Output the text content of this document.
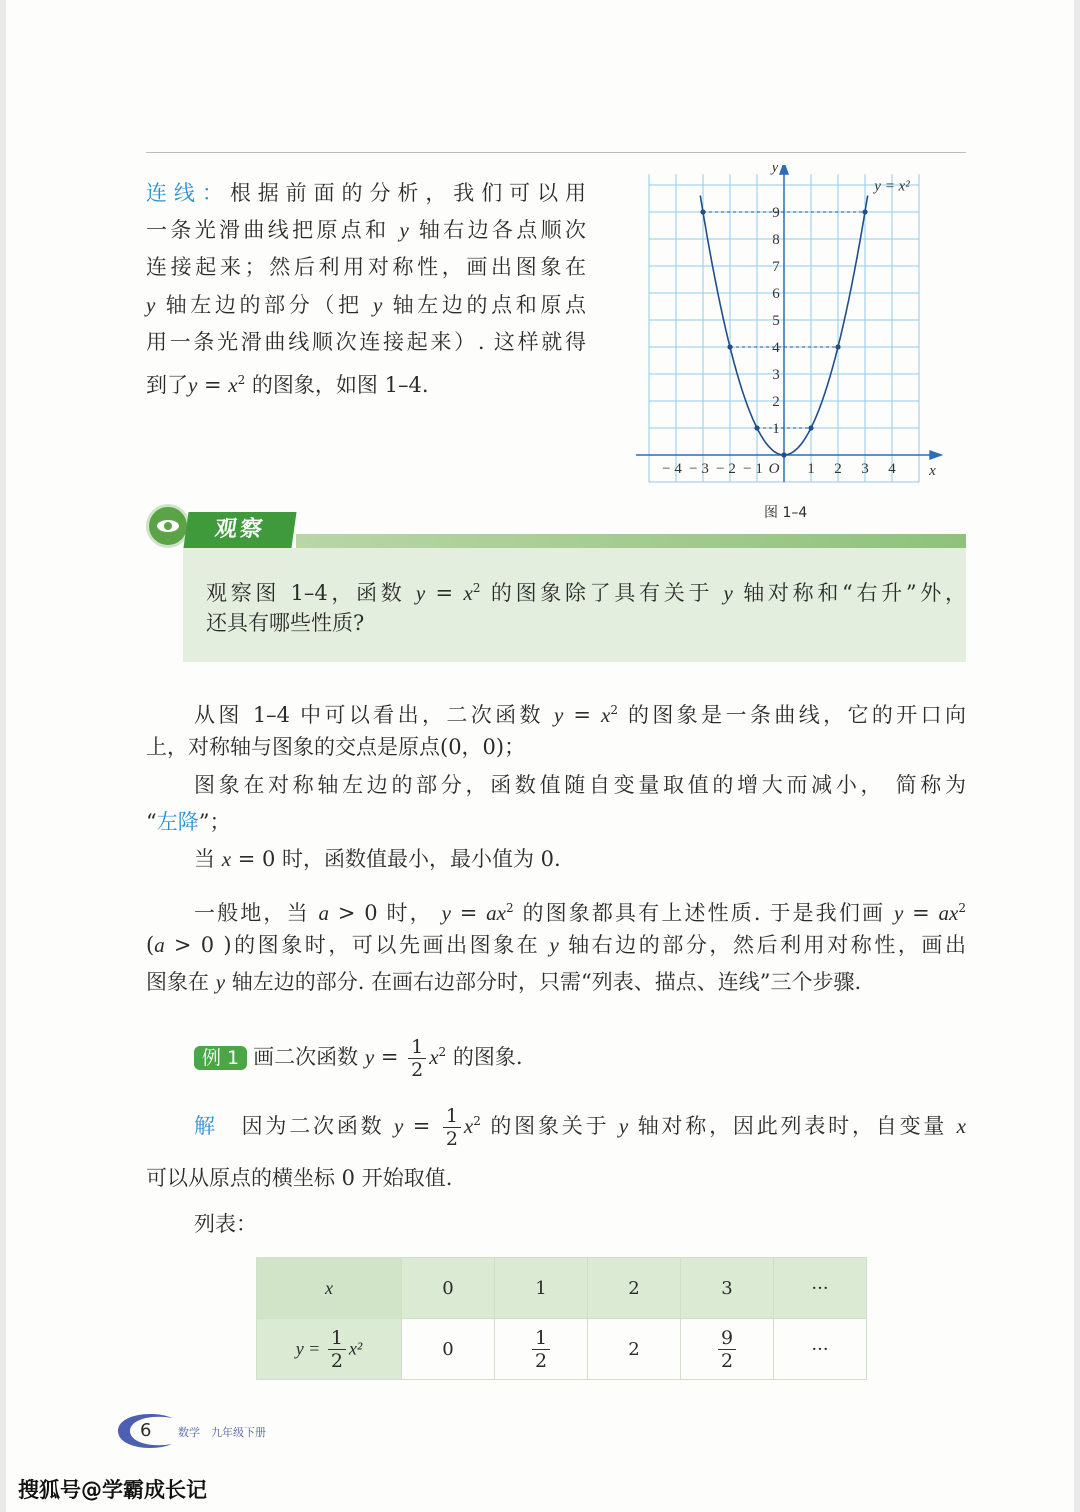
连线：根据前面的分析，我们可以用
一条光滑曲线把原点和 y 轴右边各点顺次
连接起来；然后利用对称性，画出图象在
y 轴左边的部分（把 y 轴左边的点和原点
用一条光滑曲线顺次连接起来）. 这样就得
到了$y = x^2$ 的图象，如图 1–4.
− 4 − 3 − 2 − 1	1 2 3 4
1
2
3
4
5
6
7
8
9
O	x
y
y = x²
图 1–4
观察
观察图 1–4，函数 $y = x^2$ 的图象除了具有关于 y 轴对称和“右升”外，
还具有哪些性质?
从图 1–4 中可以看出，二次函数 $y = x^2$ 的图象是一条曲线，它的开口向
上，对称轴与图象的交点是原点(0，0)；
图象在对称轴左边的部分，函数值随自变量取值的增大而减小， 简称为
“左降”；
当 x = 0 时，函数值最小，最小值为 0.
一般地，当 a > 0 时， $y = ax^2$ 的图象都具有上述性质. 于是我们画 $y = ax^2$
(a > 0 )的图象时，可以先画出图象在 y 轴右边的部分，然后利用对称性，画出
图象在 y 轴左边的部分. 在画右边部分时，只需“列表、描点、连线”三个步骤.
例 1 画二次函数 $y = \frac{1}{2} x^2$ 的图象.
解　因为二次函数 $y = \frac{1}{2} x^2$ 的图象关于 y 轴对称，因此列表时，自变量 x
可以从原点的横坐标 0 开始取值.
列表：
x	0	1	2	3	···
$y = \frac{1}{2} x^2$	0	$\frac{1}{2}$	2	$\frac{9}{2}$	···
6 数学　九年级下册
搜狐号@学霸成长记
